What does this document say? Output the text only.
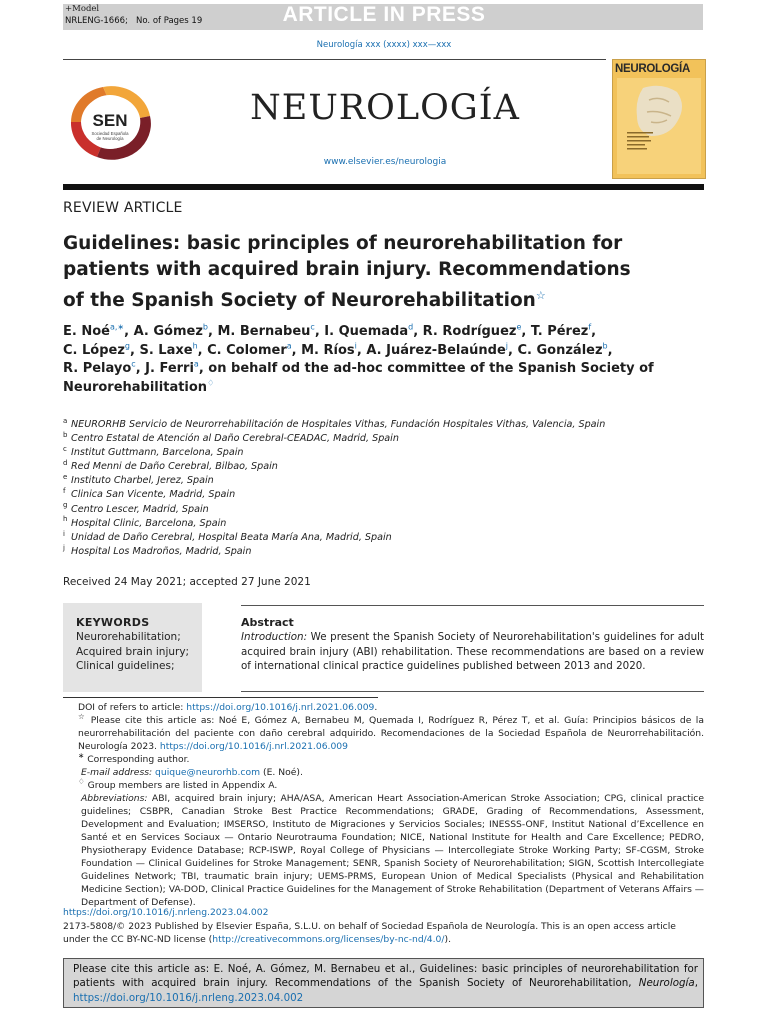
+Model
NRLENG-1666; No. of Pages 19	ARTICLE IN PRESS
Neurología xxx (xxxx) xxx—xxx
SEN
Sociedad Española
de Neurología
NEUROLOGÍA
www.elsevier.es/neurologia
NEUROLOGÍA
REVIEW ARTICLE
Guidelines: basic principles of neurorehabilitation for
patients with acquired brain injury. Recommendations
of the Spanish Society of Neurorehabilitation☆
E. Noé$^{a,∗}$, A. Gómez$^b$, M. Bernabeu$^c$, I. Quemada$^d$, R. Rodríguez$^e$, T. Pérez$^f$,
C. López$^g$, S. Laxe$^h$, C. Colomer$^a$, M. Ríos$^i$, A. Juárez-Belaúnde$^j$, C. González$^b$,
R. Pelayo$^c$, J. Ferri$^a$, on behalf od the ad-hoc committee of the Spanish Society of
Neurorehabilitation♢
a NEURORHB Servicio de Neurorrehabilitación de Hospitales Vithas, Fundación Hospitales Vithas, Valencia, Spain
b Centro Estatal de Atención al Daño Cerebral-CEADAC, Madrid, Spain
c Institut Guttmann, Barcelona, Spain
d Red Menni de Daño Cerebral, Bilbao, Spain
e Instituto Charbel, Jerez, Spain
f Clinica San Vicente, Madrid, Spain
g Centro Lescer, Madrid, Spain
h Hospital Clinic, Barcelona, Spain
i Unidad de Daño Cerebral, Hospital Beata María Ana, Madrid, Spain
j Hospital Los Madroños, Madrid, Spain
Received 24 May 2021; accepted 27 June 2021
KEYWORDS
Neurorehabilitation;
Acquired brain injury;
Clinical guidelines;
Abstract
Introduction: We present the Spanish Society of Neurorehabilitation's guidelines for adult acquired brain injury (ABI) rehabilitation. These recommendations are based on a review of international clinical practice guidelines published between 2013 and 2020.
DOI of refers to article: https://doi.org/10.1016/j.nrl.2021.06.009.
☆ Please cite this article as: Noé E, Gómez A, Bernabeu M, Quemada I, Rodríguez R, Pérez T, et al. Guía: Principios básicos de la neurorrehabilitación del paciente con daño cerebral adquirido. Recomendaciones de la Sociedad Española de Neurorrehabilitación. Neurología 2023. https://doi.org/10.1016/j.nrl.2021.06.009
∗ Corresponding author.
E-mail address: quique@neurorhb.com (E. Noé).
♢ Group members are listed in Appendix A.
Abbreviations: ABI, acquired brain injury; AHA/ASA, American Heart Association-American Stroke Association; CPG, clinical practice guidelines; CSBPR, Canadian Stroke Best Practice Recommendations; GRADE, Grading of Recommendations, Assessment, Development and Evaluation; IMSERSO, Instituto de Migraciones y Servicios Sociales; INESSS-ONF, Institut National d’Excellence en Santé et en Services Sociaux — Ontario Neurotrauma Foundation; NICE, National Institute for Health and Care Excellence; PEDRO, Physiotherapy Evidence Database; RCP-ISWP, Royal College of Physicians — Intercollegiate Stroke Working Party; SF-CGSM, Stroke Foundation — Clinical Guidelines for Stroke Management; SENR, Spanish Society of Neurorehabilitation; SIGN, Scottish Intercollegiate Guidelines Network; TBI, traumatic brain injury; UEMS-PRMS, European Union of Medical Specialists (Physical and Rehabilitation Medicine Section); VA-DOD, Clinical Practice Guidelines for the Management of Stroke Rehabilitation (Department of Veterans Affairs — Department of Defense).
https://doi.org/10.1016/j.nrleng.2023.04.002
2173-5808/© 2023 Published by Elsevier España, S.L.U. on behalf of Sociedad Española de Neurología. This is an open access article under the CC BY-NC-ND license (http://creativecommons.org/licenses/by-nc-nd/4.0/).
Please cite this article as: E. Noé, A. Gómez, M. Bernabeu et al., Guidelines: basic principles of neurorehabilitation for patients with acquired brain injury. Recommendations of the Spanish Society of Neurorehabilitation, Neurología, https://doi.org/10.1016/j.nrleng.2023.04.002
